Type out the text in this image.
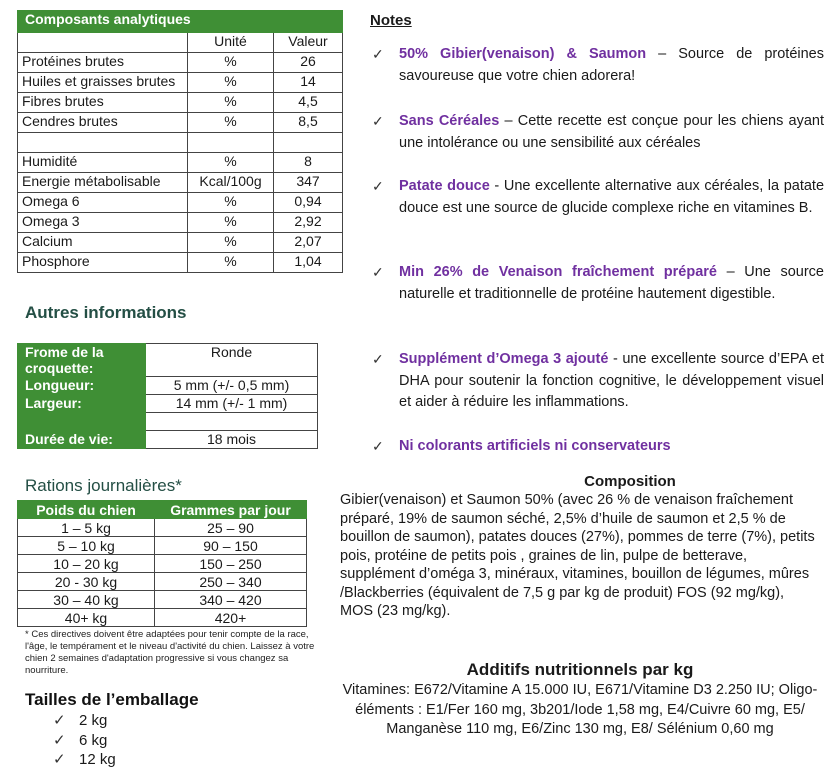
Composants analytiques		
	Unité	Valeur
Protéines brutes	%	26
Huiles et graisses brutes	%	14
Fibres brutes	%	4,5
Cendres brutes	%	8,5

Humidité	%	8
Energie métabolisable	Kcal/100g	347
Omega 6	%	0,94
Omega 3	%	2,92
Calcium	%	2,07
Phosphore	%	1,04
Autres informations
Frome de la croquette:	Ronde
Longueur:	5 mm (+/- 0,5 mm)
Largeur:	14 mm (+/- 1 mm)

Durée de vie:	18 mois
Rations journalières*
Poids du chien	Grammes par jour
1 – 5 kg	25 – 90
5 – 10 kg	90 – 150
10 – 20 kg	150 – 250
20 - 30 kg	250 – 340
30 – 40 kg	340 – 420
40+ kg	420+
* Ces directives doivent être adaptées pour tenir compte de la race, l'âge, le tempérament et le niveau d'activité du chien. Laissez à votre chien 2 semaines d'adaptation progressive si vous changez sa nourriture.
Tailles de l’emballage
✓ 2 kg
✓ 6 kg
✓ 12 kg
Notes
✓ 50% Gibier(venaison) & Saumon – Source de protéines savoureuse que votre chien adorera!
✓ Sans Céréales – Cette recette est conçue pour les chiens ayant une intolérance ou une sensibilité aux céréales
✓ Patate douce - Une excellente alternative aux céréales, la patate douce est une source de glucide complexe riche en vitamines B.
✓ Min 26% de Venaison fraîchement préparé – Une source naturelle et traditionnelle de protéine hautement digestible.
✓ Supplément d’Omega 3 ajouté - une excellente source d’EPA et DHA pour soutenir la fonction cognitive, le développement visuel et aider à réduire les inflammations.
✓ Ni colorants artificiels ni conservateurs
Composition
Gibier(venaison) et Saumon 50% (avec 26 % de venaison fraîchement préparé, 19% de saumon séché, 2,5% d’huile de saumon et 2,5 % de bouillon de saumon), patates douces (27%), pommes de terre (7%), petits pois, protéine de petits pois , graines de lin, pulpe de betterave, supplément d’oméga 3, minéraux, vitamines, bouillon de légumes, mûres /Blackberries (équivalent de 7,5 g par kg de produit) FOS (92 mg/kg), MOS (23 mg/kg).
Additifs nutritionnels par kg
Vitamines: E672/Vitamine A 15.000 IU, E671/Vitamine D3 2.250 IU; Oligo-éléments : E1/Fer 160 mg, 3b201/Iode 1,58 mg, E4/Cuivre 60 mg, E5/ Manganèse 110 mg, E6/Zinc 130 mg, E8/ Sélénium 0,60 mg
